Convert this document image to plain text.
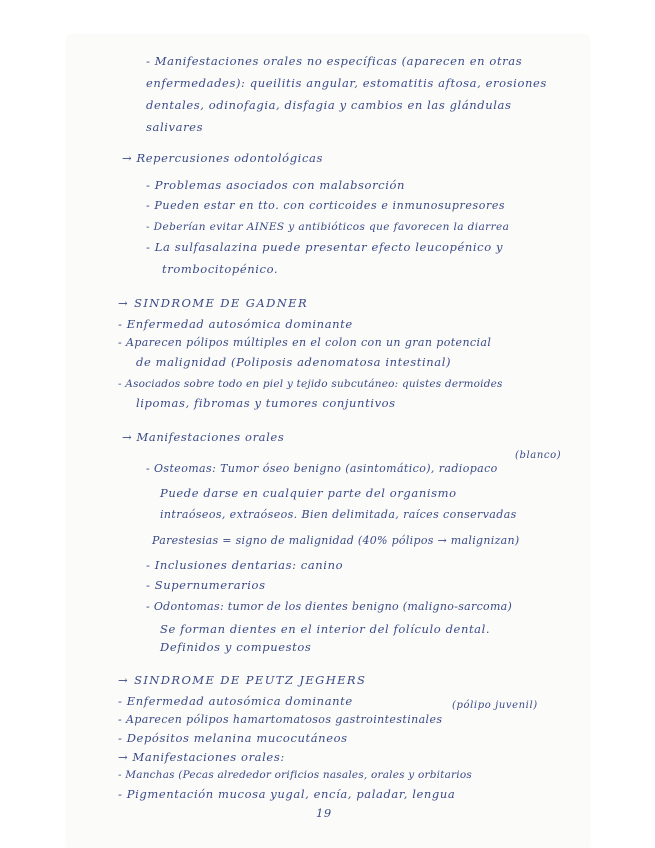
- Manifestaciones orales no específicas (aparecen en otras
enfermedades): queilitis angular, estomatitis aftosa, erosiones
dentales, odinofagia, disfagia y cambios en las glándulas
salivares
→ Repercusiones odontológicas
- Problemas asociados con malabsorción
- Pueden estar en tto. con corticoides e inmunosupresores
- Deberían evitar AINES y antibióticos que favorecen la diarrea
- La sulfasalazina puede presentar efecto leucopénico y
trombocitopénico.
→ SINDROME DE GADNER
- Enfermedad autosómica dominante
- Aparecen pólipos múltiples en el colon con un gran potencial
de malignidad (Poliposis adenomatosa intestinal)
- Asociados sobre todo en piel y tejido subcutáneo: quistes dermoides
lipomas, fibromas y tumores conjuntivos
→ Manifestaciones orales
(blanco)
- Osteomas: Tumor óseo benigno (asintomático), radiopaco
Puede darse en cualquier parte del organismo
intraóseos, extraóseos. Bien delimitada, raíces conservadas
Parestesias = signo de malignidad (40% pólipos → malignizan)
- Inclusiones dentarias: canino
- Supernumerarios
- Odontomas: tumor de los dientes benigno (maligno-sarcoma)
Se forman dientes en el interior del folículo dental.
Definidos y compuestos
→ SINDROME DE PEUTZ JEGHERS
- Enfermedad autosómica dominante	(pólipo juvenil)
- Aparecen pólipos hamartomatosos gastrointestinales
- Depósitos melanina mucocutáneos
→ Manifestaciones orales:
- Manchas (Pecas alrededor orificios nasales, orales y orbitarios
- Pigmentación mucosa yugal, encía, paladar, lengua
19
